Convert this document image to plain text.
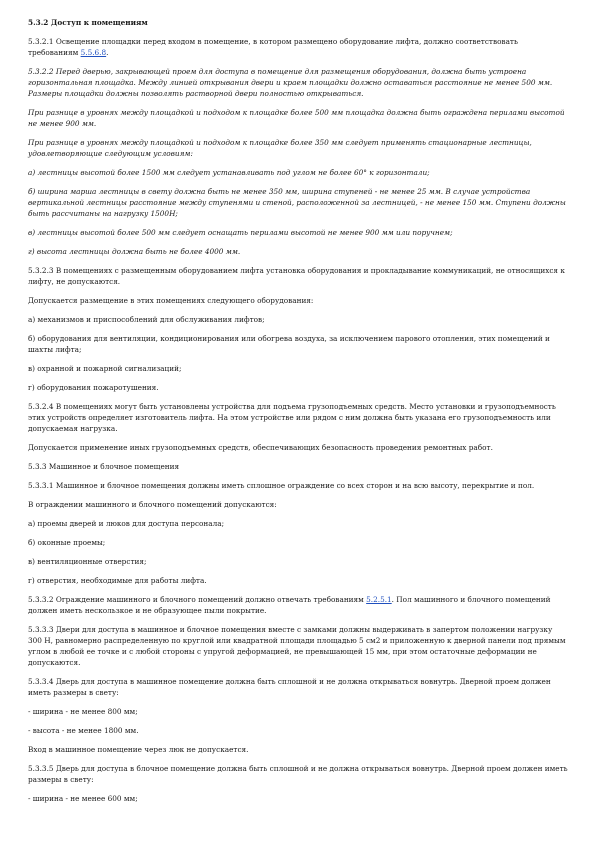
5.3.2 Доступ к помещениям

5.3.2.1 Освещение площадки перед входом в помещение, в котором размещено оборудование лифта, должно соответствовать требованиям 5.5.6.8.

5.3.2.2 Перед дверью, закрывающей проем для доступа в помещение для размещения оборудования, должна быть устроена горизонтальная площадка. Между линией открывания двери и краем площадки должно оставаться расстояние не менее 500 мм. Размеры площадки должны позволять растворной двери полностью открываться.

При разнице в уровнях между площадкой и подходом к площадке более 500 мм площадка должна быть ограждена перилами высотой не менее 900 мм.

При разнице в уровнях между площадкой и подходом к площадке более 350 мм следует применять стационарные лестницы, удовлетворяющие следующим условиям:

а) лестницы высотой более 1500 мм следует устанавливать под углом не более 60° к горизонтали;

б) ширина марша лестницы в свету должна быть не менее 350 мм, ширина ступеней - не менее 25 мм. В случае устройства вертикальной лестницы расстояние между ступенями и стеной, расположенной за лестницей, - не менее 150 мм. Ступени должны быть рассчитаны на нагрузку 1500Н;

в) лестницы высотой более 500 мм следует оснащать перилами высотой не менее 900 мм или поручнем;

г) высота лестницы должна быть не более 4000 мм.

5.3.2.3 В помещениях с размещенным оборудованием лифта установка оборудования и прокладывание коммуникаций, не относящихся к лифту, не допускаются.

Допускается размещение в этих помещениях следующего оборудования:

а) механизмов и приспособлений для обслуживания лифтов;

б) оборудования для вентиляции, кондиционирования или обогрева воздуха, за исключением парового отопления, этих помещений и шахты лифта;

в) охранной и пожарной сигнализаций;

г) оборудования пожаротушения.

5.3.2.4 В помещениях могут быть установлены устройства для подъема грузоподъемных средств. Место установки и грузоподъемность этих устройств определяет изготовитель лифта. На этом устройстве или рядом с ним должна быть указана его грузоподъемность или допускаемая нагрузка.

Допускается применение иных грузоподъемных средств, обеспечивающих безопасность проведения ремонтных работ.

5.3.3 Машинное и блочное помещения

5.3.3.1 Машинное и блочное помещения должны иметь сплошное ограждение со всех сторон и на всю высоту, перекрытие и пол.

В ограждении машинного и блочного помещений допускаются:

а) проемы дверей и люков для доступа персонала;

б) оконные проемы;

в) вентиляционные отверстия;

г) отверстия, необходимые для работы лифта.

5.3.3.2 Ограждение машинного и блочного помещений должно отвечать требованиям 5.2.5.1. Пол машинного и блочного помещений должен иметь нескользкое и не образующее пыли покрытие.

5.3.3.3 Двери для доступа в машинное и блочное помещения вместе с замками должны выдерживать в запертом положении нагрузку 300 Н, равномерно распределенную по круглой или квадратной площади площадью 5 см2 и приложенную к дверной панели под прямым углом в любой ее точке и с любой стороны с упругой деформацией, не превышающей 15 мм, при этом остаточные деформации не допускаются.

5.3.3.4 Дверь для доступа в машинное помещение должна быть сплошной и не должна открываться вовнутрь. Дверной проем должен иметь размеры в свету:

- ширина - не менее 800 мм;

- высота - не менее 1800 мм.

Вход в машинное помещение через люк не допускается.

5.3.3.5 Дверь для доступа в блочное помещение должна быть сплошной и не должна открываться вовнутрь. Дверной проем должен иметь размеры в свету:

- ширина - не менее 600 мм;
